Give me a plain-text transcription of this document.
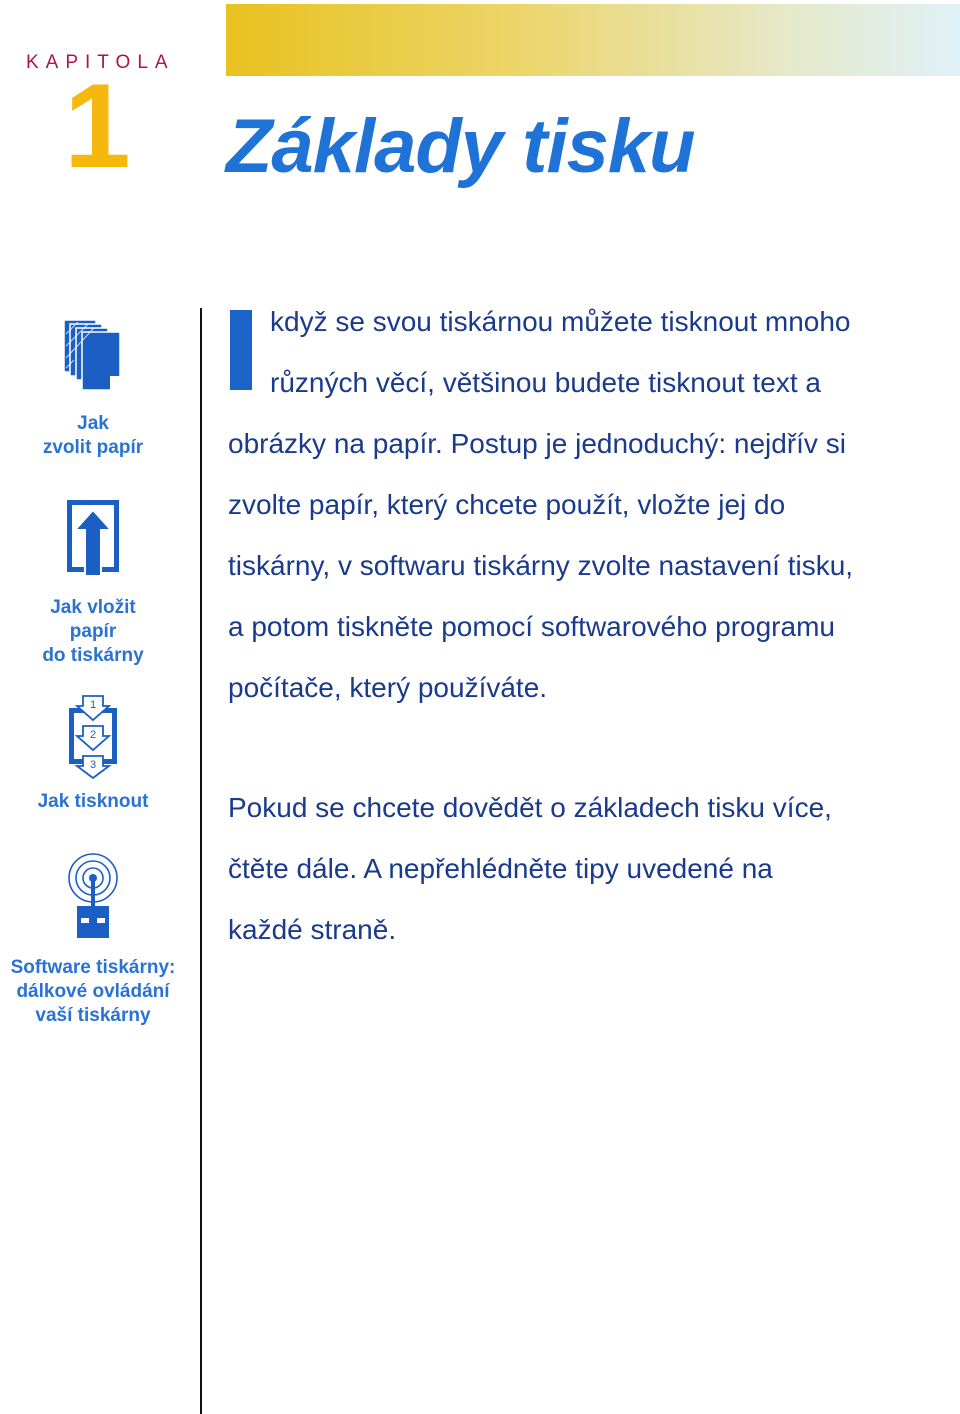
KAPITOLA
1 Základy tisku
Jak
zvolit papír
Jak vložit
papír
do tiskárny
1
2
3
Jak tisknout
Software tiskárny:
dálkové ovládání
vaší tiskárny
když se svou tiskárnou můžete tisknout mnoho
různých věcí, většinou budete tisknout text a
obrázky na papír. Postup je jednoduchý: nejdřív si
zvolte papír, který chcete použít, vložte jej do
tiskárny, v softwaru tiskárny zvolte nastavení tisku,
a potom tiskněte pomocí softwarového programu
počítače, který používáte.
Pokud se chcete dovědět o základech tisku více,
čtěte dále. A nepřehlédněte tipy uvedené na
každé straně.
